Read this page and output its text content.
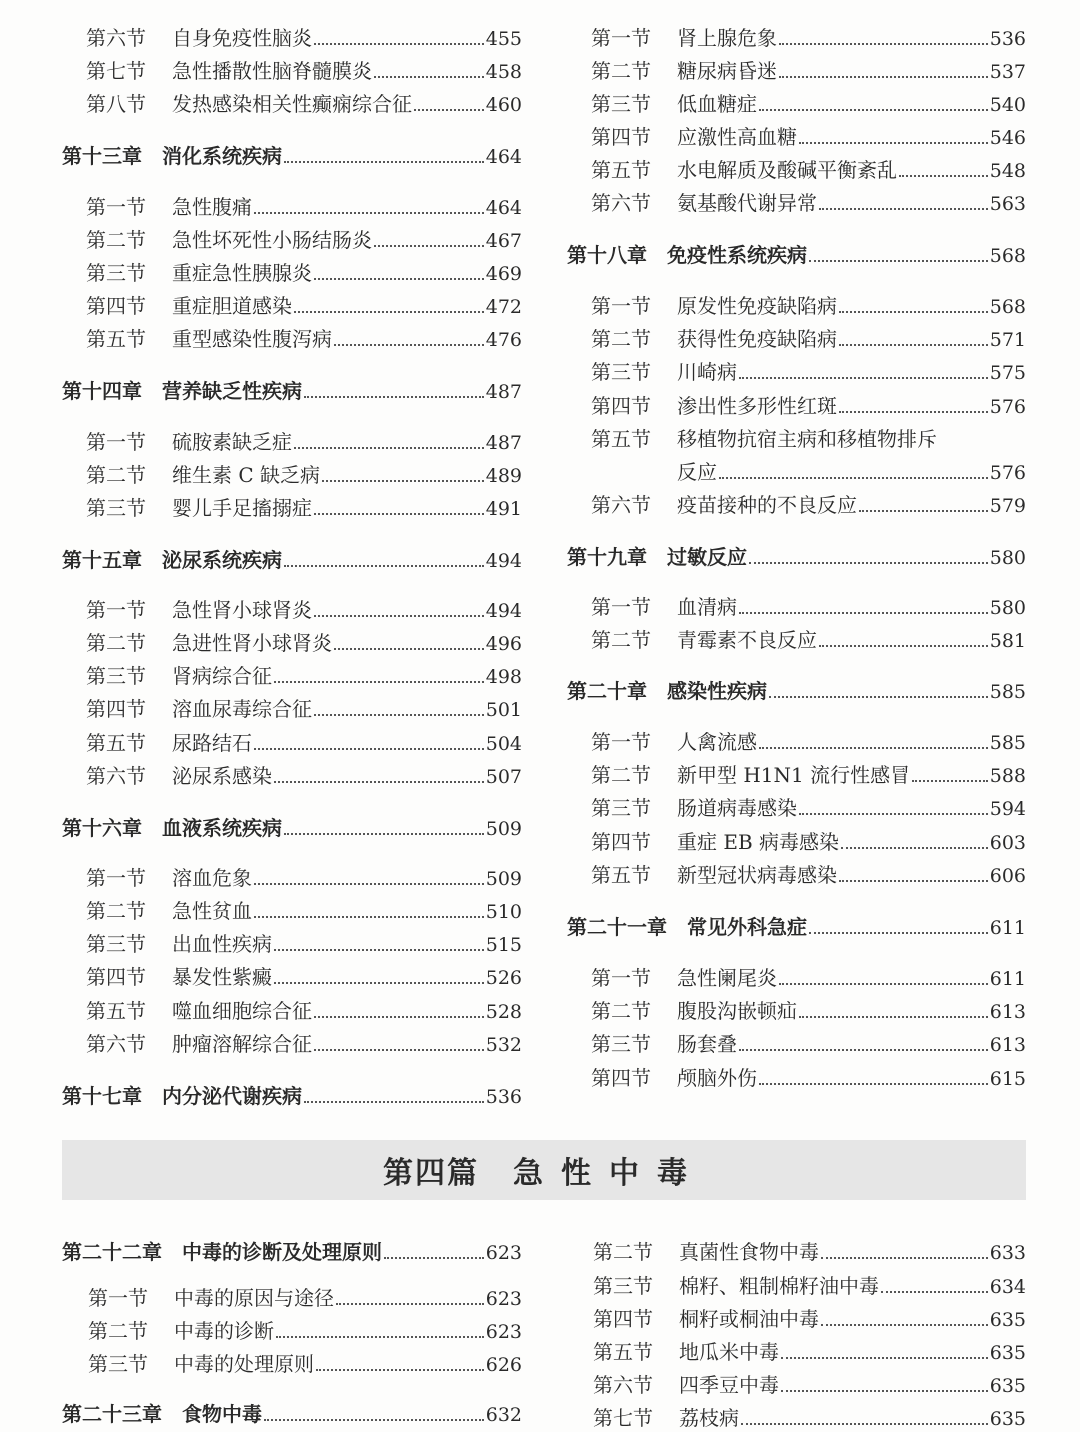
第六节	自身免疫性脑炎	455
第七节	急性播散性脑脊髓膜炎	458
第八节	发热感染相关性癫痫综合征	460
第十三章 消化系统疾病	464
第一节	急性腹痛	464
第二节	急性坏死性小肠结肠炎	467
第三节	重症急性胰腺炎	469
第四节	重症胆道感染	472
第五节	重型感染性腹泻病	476
第十四章 营养缺乏性疾病	487
第一节	硫胺素缺乏症	487
第二节	维生素 C 缺乏病	489
第三节	婴儿手足搐搦症	491
第十五章 泌尿系统疾病	494
第一节	急性肾小球肾炎	494
第二节	急进性肾小球肾炎	496
第三节	肾病综合征	498
第四节	溶血尿毒综合征	501
第五节	尿路结石	504
第六节	泌尿系感染	507
第十六章 血液系统疾病	509
第一节	溶血危象	509
第二节	急性贫血	510
第三节	出血性疾病	515
第四节	暴发性紫癜	526
第五节	噬血细胞综合征	528
第六节	肿瘤溶解综合征	532
第十七章 内分泌代谢疾病	536
第一节	肾上腺危象	536
第二节	糖尿病昏迷	537
第三节	低血糖症	540
第四节	应激性高血糖	546
第五节	水电解质及酸碱平衡紊乱	548
第六节	氨基酸代谢异常	563
第十八章 免疫性系统疾病	568
第一节	原发性免疫缺陷病	568
第二节	获得性免疫缺陷病	571
第三节	川崎病	575
第四节	渗出性多形性红斑	576
第五节	移植物抗宿主病和移植物排斥
反应	576
第六节	疫苗接种的不良反应	579
第十九章 过敏反应	580
第一节	血清病	580
第二节	青霉素不良反应	581
第二十章 感染性疾病	585
第一节	人禽流感	585
第二节	新甲型 H1N1 流行性感冒	588
第三节	肠道病毒感染	594
第四节	重症 EB 病毒感染	603
第五节	新型冠状病毒感染	606
第二十一章 常见外科急症	611
第一节	急性阑尾炎	611
第二节	腹股沟嵌顿疝	613
第三节	肠套叠	613
第四节	颅脑外伤	615
第四篇 急性中毒
第二十二章 中毒的诊断及处理原则	623
第一节	中毒的原因与途径	623
第二节	中毒的诊断	623
第三节	中毒的处理原则	626
第二十三章 食物中毒	632
第二节	真菌性食物中毒	633
第三节	棉籽、粗制棉籽油中毒	634
第四节	桐籽或桐油中毒	635
第五节	地瓜米中毒	635
第六节	四季豆中毒	635
第七节	荔枝病	635
